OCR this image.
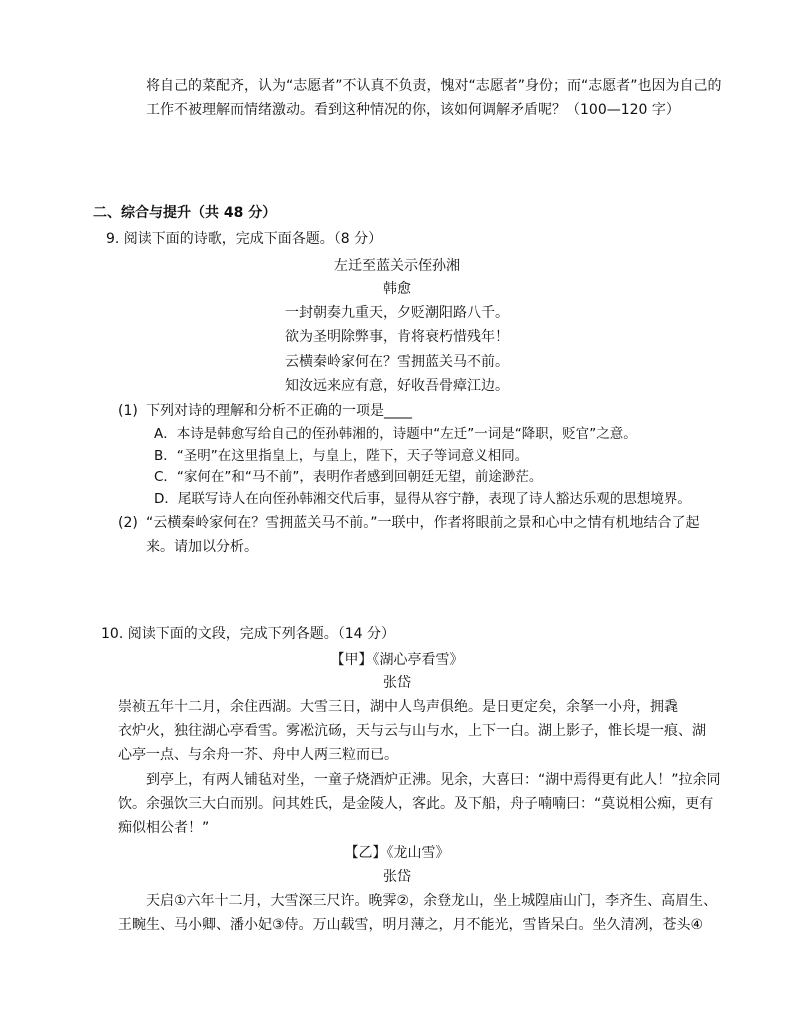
将自己的菜配齐，认为“志愿者”不认真不负责，愧对“志愿者”身份；而“志愿者”也因为自己的
工作不被理解而情绪激动。看到这种情况的你，该如何调解矛盾呢？（100—120 字）
二、综合与提升（共 48 分）
9. 阅读下面的诗歌，完成下面各题。（8 分）
左迁至蓝关示侄孙湘
韩愈
一封朝奏九重天，夕贬潮阳路八千。
欲为圣明除弊事，肯将衰朽惜残年！
云横秦岭家何在？雪拥蓝关马不前。
知汝远来应有意，好收吾骨瘴江边。
(1) 下列对诗的理解和分析不正确的一项是____
A．本诗是韩愈写给自己的侄孙韩湘的，诗题中“左迁”一词是“降职，贬官”之意。
B．“圣明”在这里指皇上，与皇上，陛下，天子等词意义相同。
C．“家何在”和“马不前”，表明作者感到回朝廷无望，前途渺茫。
D．尾联写诗人在向侄孙韩湘交代后事，显得从容宁静，表现了诗人豁达乐观的思想境界。
(2) “云横秦岭家何在？雪拥蓝关马不前。”一联中，作者将眼前之景和心中之情有机地结合了起
来。请加以分析。
10. 阅读下面的文段，完成下列各题。（14 分）
【甲】《湖心亭看雪》
张岱
崇祯五年十二月，余住西湖。大雪三日，湖中人鸟声俱绝。是日更定矣，余拏一小舟，拥毳
衣炉火，独往湖心亭看雪。雾凇沆砀，天与云与山与水，上下一白。湖上影子，惟长堤一痕、湖
心亭一点、与余舟一芥、舟中人两三粒而已。
到亭上，有两人铺毡对坐，一童子烧酒炉正沸。见余，大喜曰：“湖中焉得更有此人！”拉余同
饮。余强饮三大白而别。问其姓氏，是金陵人，客此。及下船，舟子喃喃曰：“莫说相公痴，更有
痴似相公者！”
【乙】《龙山雪》
张岱
天启①六年十二月，大雪深三尺许。晚霁②，余登龙山，坐上城隍庙山门，李齐生、高眉生、
王畹生、马小卿、潘小妃③侍。万山载雪，明月薄之，月不能光，雪皆呆白。坐久清冽，苍头④
